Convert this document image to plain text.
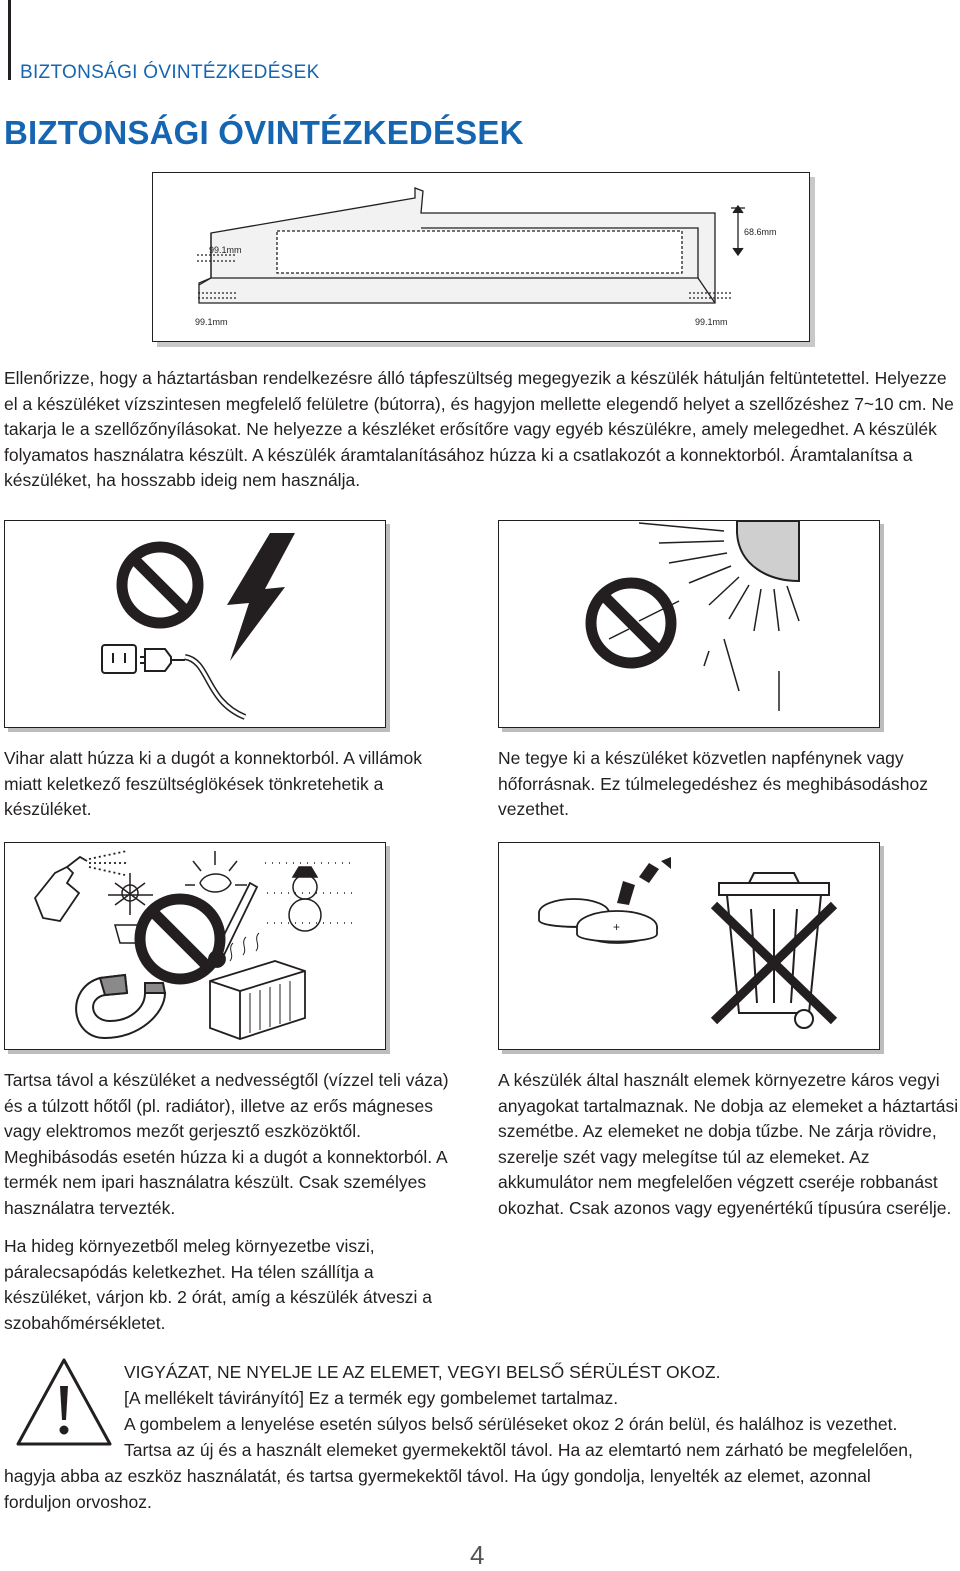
BIZTONSÁGI ÓVINTÉZKEDÉSEK
BIZTONSÁGI ÓVINTÉZKEDÉSEK
99.1mm
99.1mm	99.1mm
68.6mm
Ellenőrizze, hogy a háztartásban rendelkezésre álló tápfeszültség megegyezik a készülék hátulján feltüntetettel. Helyezze el a készüléket vízszintesen megfelelő felületre (bútorra), és hagyjon mellette elegendő helyet a szellőzéshez 7~10 cm. Ne takarja le a szellőzőnyílásokat. Ne helyezze a készléket erősítőre vagy egyéb készülékre, amely melegedhet. A készülék folyamatos használatra készült. A készülék áramtalanításához húzza ki a csatlakozót a konnektorból. Áramtalanítsa a készüléket, ha hosszabb ideig nem használja.
Vihar alatt húzza ki a dugót a konnektorból. A villámok miatt keletkező feszültséglökések tönkretehetik a készüléket.
Ne tegye ki a készüléket közvetlen napfénynek vagy hőforrásnak. Ez túlmelegedéshez és meghibásodáshoz vezethet.
Tartsa távol a készüléket a nedvességtől (vízzel teli váza) és a túlzott hőtől (pl. radiátor), illetve az erős mágneses vagy elektromos mezőt gerjesztő eszközöktől. Meghibásodás esetén húzza ki a dugót a konnektorból. A termék nem ipari használatra készült. Csak személyes használatra tervezték.
Ha hideg környezetből meleg környezetbe viszi, páralecsapódás keletkezhet. Ha télen szállítja a készüléket, várjon kb. 2 órát, amíg a készülék átveszi a szobahőmérsékletet.
+
A készülék által használt elemek környezetre káros vegyi anyagokat tartalmaznak. Ne dobja az elemeket a háztartási szemétbe. Az elemeket ne dobja tűzbe. Ne zárja rövidre, szerelje szét vagy melegítse túl az elemeket. Az akkumulátor nem megfelelően végzett cseréje robbanást okozhat. Csak azonos vagy egyenértékű típusúra cserélje.
VIGYÁZAT, NE NYELJE LE AZ ELEMET, VEGYI BELSŐ SÉRÜLÉST OKOZ.
[A mellékelt távirányító] Ez a termék egy gombelemet tartalmaz.
A gombelem a lenyelése esetén súlyos belső sérüléseket okoz 2 órán belül, és halálhoz is vezethet.
Tartsa az új és a használt elemeket gyermekektõl távol. Ha az elemtartó nem zárható be megfelelően,
hagyja abba az eszköz használatát, és tartsa gyermekektõl távol. Ha úgy gondolja, lenyelték az elemet, azonnal
forduljon orvoshoz.
4
